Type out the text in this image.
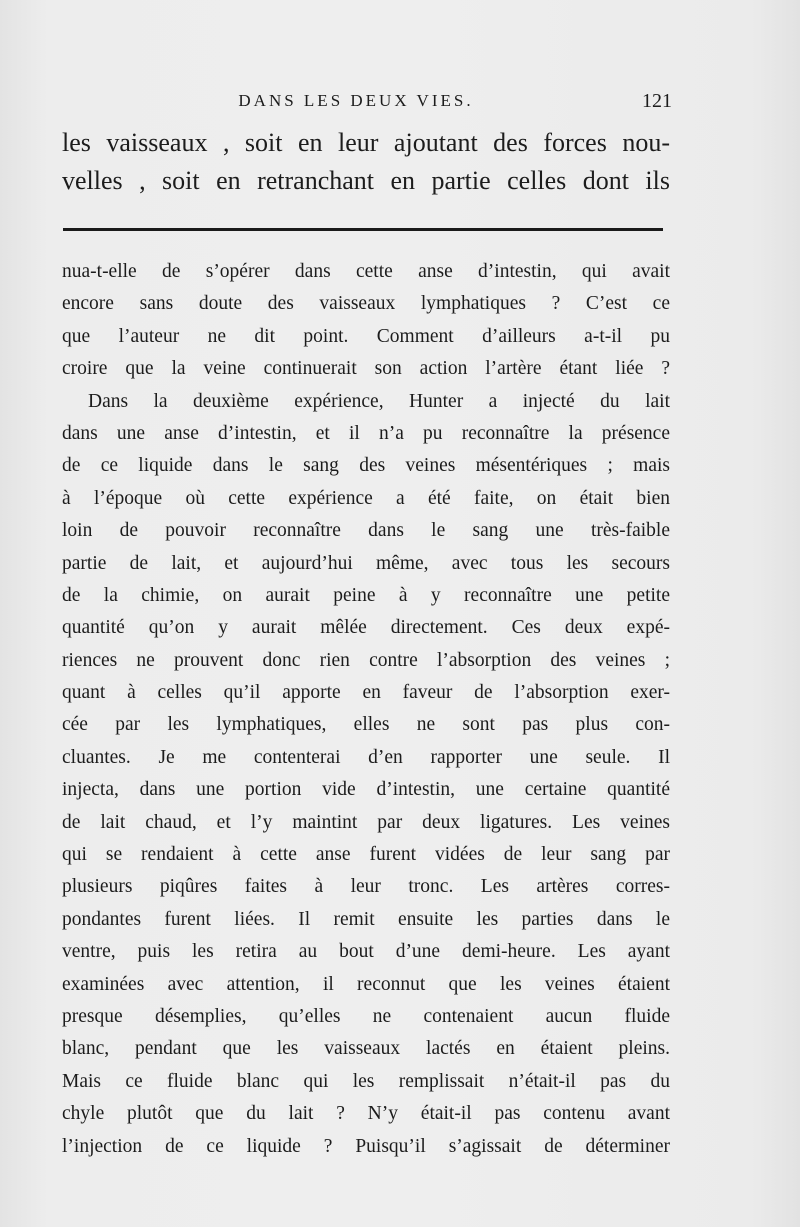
DANS LES DEUX VIES.	121
les vaisseaux , soit en leur ajoutant des forces nou-
velles , soit en retranchant en partie celles dont ils
nua-t-elle de s’opérer dans cette anse d’intestin, qui avait
encore sans doute des vaisseaux lymphatiques ? C’est ce
que l’auteur ne dit point. Comment d’ailleurs a-t-il pu
croire que la veine continuerait son action l’artère étant liée ?
Dans la deuxième expérience, Hunter a injecté du lait
dans une anse d’intestin, et il n’a pu reconnaître la présence
de ce liquide dans le sang des veines mésentériques ; mais
à l’époque où cette expérience a été faite, on était bien
loin de pouvoir reconnaître dans le sang une très-faible
partie de lait, et aujourd’hui même, avec tous les secours
de la chimie, on aurait peine à y reconnaître une petite
quantité qu’on y aurait mêlée directement. Ces deux expé-
riences ne prouvent donc rien contre l’absorption des veines ;
quant à celles qu’il apporte en faveur de l’absorption exer-
cée par les lymphatiques, elles ne sont pas plus con-
cluantes. Je me contenterai d’en rapporter une seule. Il
injecta, dans une portion vide d’intestin, une certaine quantité
de lait chaud, et l’y maintint par deux ligatures. Les veines
qui se rendaient à cette anse furent vidées de leur sang par
plusieurs piqûres faites à leur tronc. Les artères corres-
pondantes furent liées. Il remit ensuite les parties dans le
ventre, puis les retira au bout d’une demi-heure. Les ayant
examinées avec attention, il reconnut que les veines étaient
presque désemplies, qu’elles ne contenaient aucun fluide
blanc, pendant que les vaisseaux lactés en étaient pleins.
Mais ce fluide blanc qui les remplissait n’était-il pas du
chyle plutôt que du lait ? N’y était-il pas contenu avant
l’injection de ce liquide ? Puisqu’il s’agissait de déterminer
